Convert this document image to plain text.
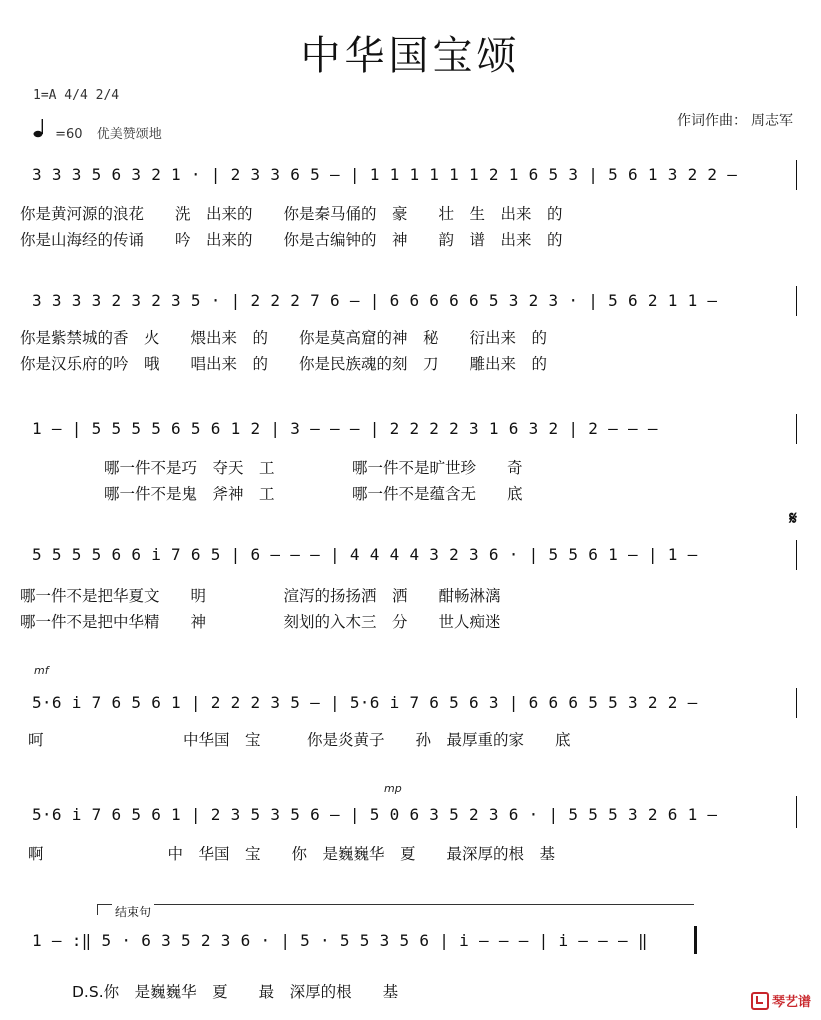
中华国宝颂
1=A 4/4 2/4
=60 优美赞颂地
作词作曲： 周志军
3 3 3 5 6 3 2 1 · | 2 3 3 6 5 – | 1 1 1 1 1 1 2 1 6 5 3 | 5 6 1 3 2 2 –
你是黄河源的浪花　　洗　出来的　　你是秦马俑的　豪　　壮　生　出来　的
你是山海经的传诵　　吟　出来的　　你是古编钟的　神　　韵　谱　出来　的
3 3 3 3 2 3 2 3 5 · | 2 2 2 7 6 – | 6 6 6 6 6 5 3 2 3 · | 5 6 2 1 1 –
你是紫禁城的香　火　　煨出来　的　　你是莫高窟的神　秘　　衍出来　的
你是汉乐府的吟　哦　　唱出来　的　　你是民族魂的刻　刀　　雕出来　的
1 – | 5 5 5 5 6 5 6 1 2 | 3 – – – | 2 2 2 2 3 1 6 3 2 | 2 – – –
哪一件不是巧　夺天　工　　　　　哪一件不是旷世珍　　奇
哪一件不是鬼　斧神　工　　　　　哪一件不是蕴含无　　底
𝄋
5 5 5 5 6 6 i 7 6 5 | 6 – – – | 4 4 4 4 3 2 3 6 · | 5 5 6 1 – | 1 –
哪一件不是把华夏文　　明　　　　　渲泻的扬扬洒　洒　　酣畅淋漓
哪一件不是把中华精　　神　　　　　刻划的入木三　分　　世人痴迷
mf
5·6 i 7 6 5 6 1 | 2 2 2 3 5 – | 5·6 i 7 6 5 6 3 | 6 6 6 5 5 3 2 2 –
呵　　　　　　　　　中华国　宝　　　你是炎黄子　　孙　最厚重的家　　底
mp
5·6 i 7 6 5 6 1 | 2 3 5 3 5 6 – | 5 0 6 3 5 2 3 6 · | 5 5 5 3 2 6 1 –
啊　　　　　　　　中　华国　宝　　你　是巍巍华　夏　　最深厚的根　基
结束句
1 – :‖ 5 · 6 3 5 2 3 6 · | 5 · 5 5 3 5 6 | i – – – | i – – – ‖
D.S.你　是巍巍华　夏　　最　深厚的根　　基
琴艺谱
